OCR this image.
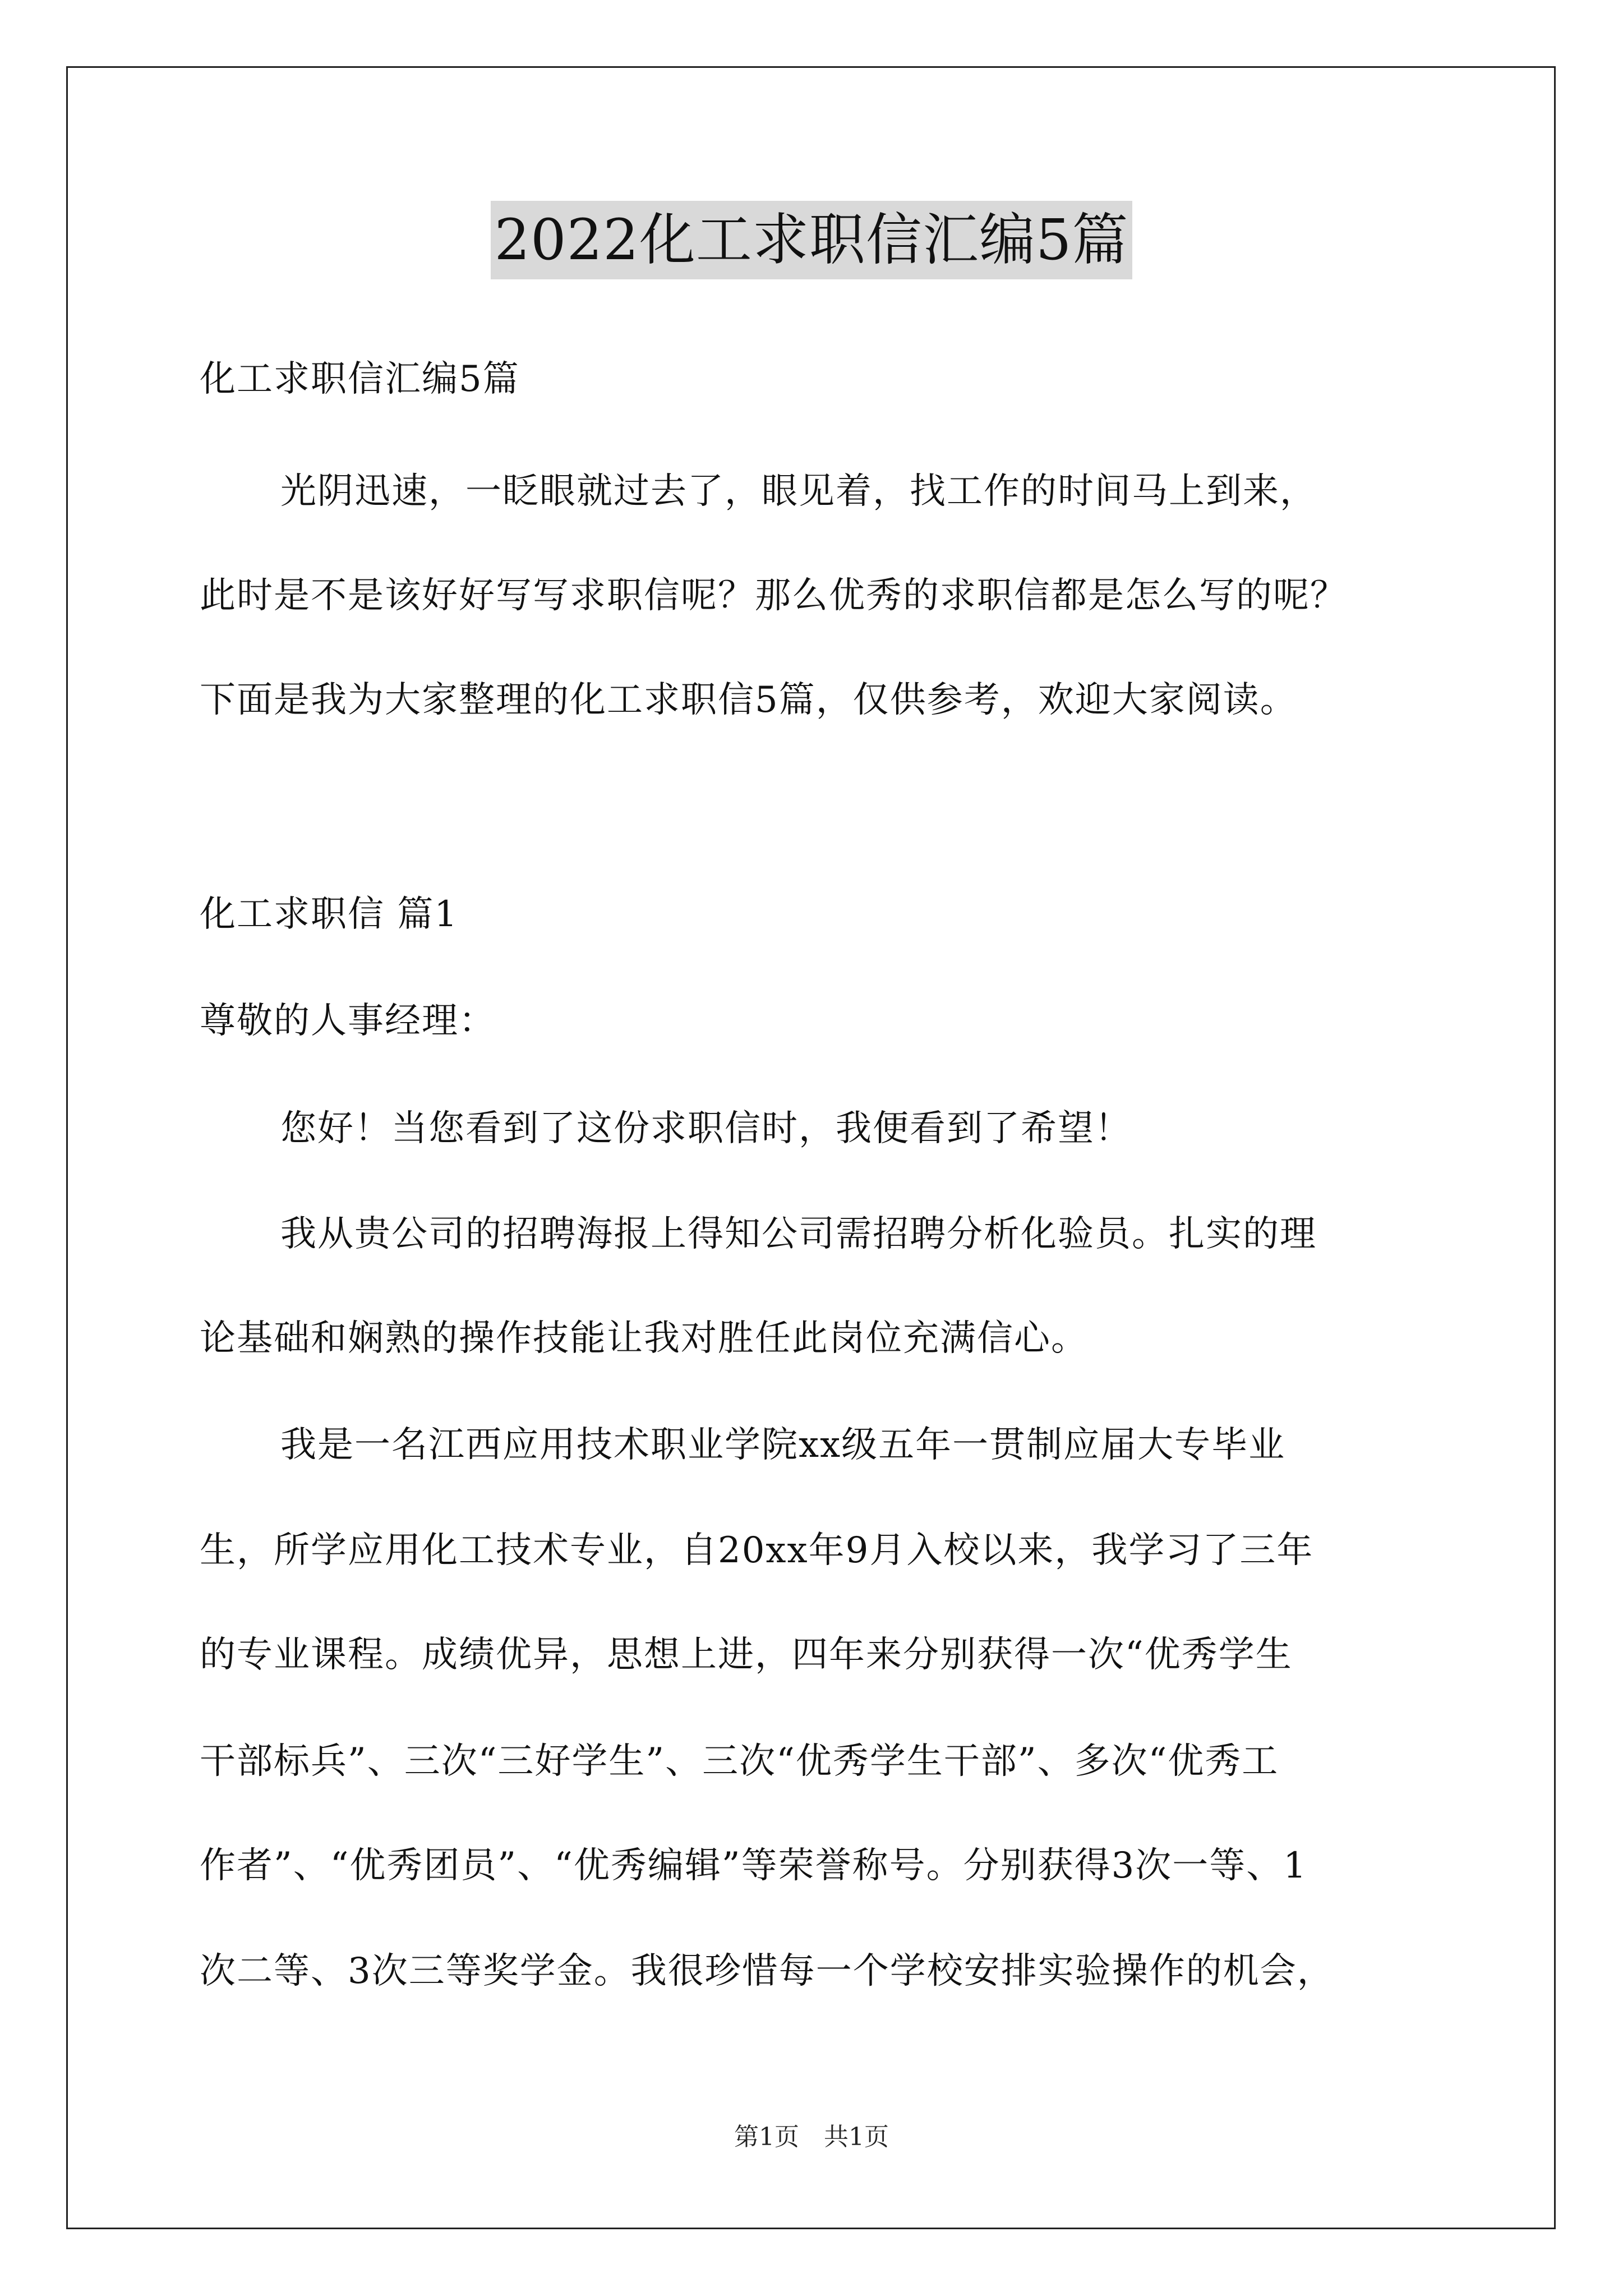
2022化工求职信汇编5篇
化工求职信汇编5篇
光阴迅速，一眨眼就过去了，眼见着，找工作的时间马上到来，
此时是不是该好好写写求职信呢？那么优秀的求职信都是怎么写的呢？
下面是我为大家整理的化工求职信5篇，仅供参考，欢迎大家阅读。
化工求职信 篇1
尊敬的人事经理：
您好！当您看到了这份求职信时，我便看到了希望！
我从贵公司的招聘海报上得知公司需招聘分析化验员。扎实的理
论基础和娴熟的操作技能让我对胜任此岗位充满信心。
我是一名江西应用技术职业学院xx级五年一贯制应届大专毕业
生，所学应用化工技术专业，自20xx年9月入校以来，我学习了三年
的专业课程。成绩优异，思想上进，四年来分别获得一次“优秀学生
干部标兵”、三次“三好学生”、三次“优秀学生干部”、多次“优秀工
作者”、“优秀团员”、“优秀编辑”等荣誉称号。分别获得3次一等、1
次二等、3次三等奖学金。我很珍惜每一个学校安排实验操作的机会，
第1页　共1页
